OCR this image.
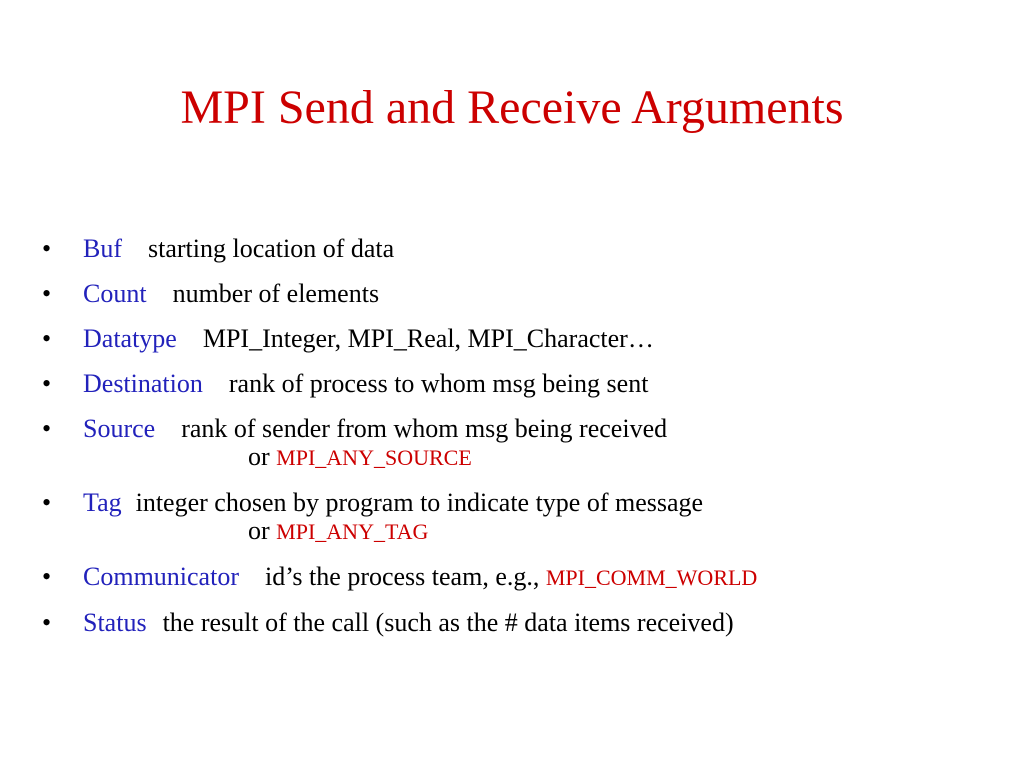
MPI Send and Receive Arguments
• Buf starting location of data
• Count number of elements
• Datatype MPI_Integer, MPI_Real, MPI_Character…
• Destination rank of process to whom msg being sent
• Source rank of sender from whom msg being received
or MPI_ANY_SOURCE
• Tag integer chosen by program to indicate type of message
or MPI_ANY_TAG
• Communicator id’s the process team, e.g., MPI_COMM_WORLD
• Status the result of the call (such as the # data items received)
